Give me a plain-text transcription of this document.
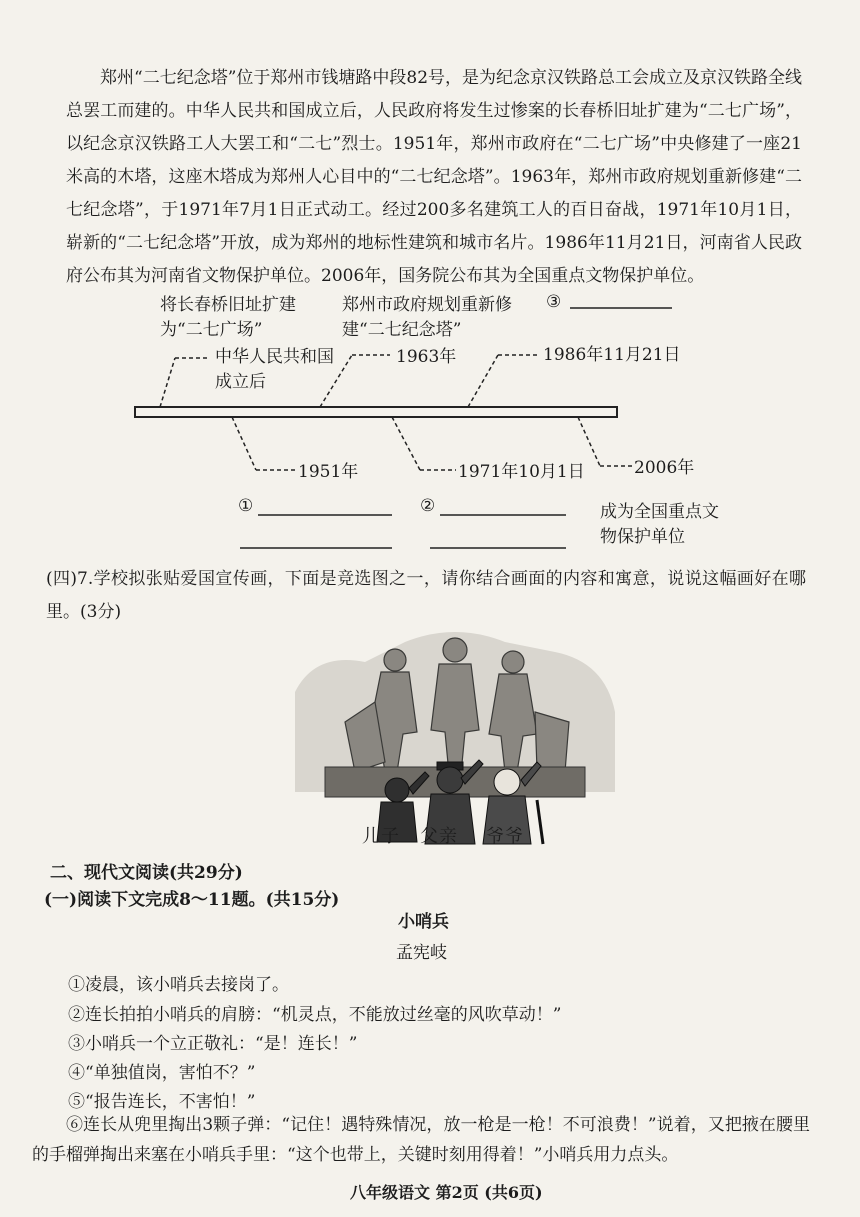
郑州“二七纪念塔”位于郑州市钱塘路中段82号，是为纪念京汉铁路总工会成立及京汉铁路全线总罢工而建的。中华人民共和国成立后，人民政府将发生过惨案的长春桥旧址扩建为“二七广场”，以纪念京汉铁路工人大罢工和“二七”烈士。1951年，郑州市政府在“二七广场”中央修建了一座21米高的木塔，这座木塔成为郑州人心目中的“二七纪念塔”。1963年，郑州市政府规划重新修建“二七纪念塔”，于1971年7月1日正式动工。经过200多名建筑工人的百日奋战，1971年10月1日，崭新的“二七纪念塔”开放，成为郑州的地标性建筑和城市名片。1986年11月21日，河南省人民政府公布其为河南省文物保护单位。2006年，国务院公布其为全国重点文物保护单位。
将长春桥旧址扩建为“二七广场”
郑州市政府规划重新修建“二七纪念塔”
③
中华人民共和国成立后
1963年	1986年11月21日
1951年	1971年10月1日	2006年
①	②	成为全国重点文物保护单位
(四)7.学校拟张贴爱国宣传画，下面是竞选图之一，请你结合画面的内容和寓意，说说这幅画好在哪里。(3分)
儿子 父亲 爷爷
二、现代文阅读(共29分)
(一)阅读下文完成8～11题。(共15分)
小哨兵
孟宪岐
①凌晨，该小哨兵去接岗了。
②连长拍拍小哨兵的肩膀：“机灵点，不能放过丝毫的风吹草动！”
③小哨兵一个立正敬礼：“是！连长！”
④“单独值岗，害怕不？”
⑤“报告连长，不害怕！”
⑥连长从兜里掏出3颗子弹：“记住！遇特殊情况，放一枪是一枪！不可浪费！”说着，又把掖在腰里的手榴弹掏出来塞在小哨兵手里：“这个也带上，关键时刻用得着！”小哨兵用力点头。
八年级语文 第2页 (共6页)
